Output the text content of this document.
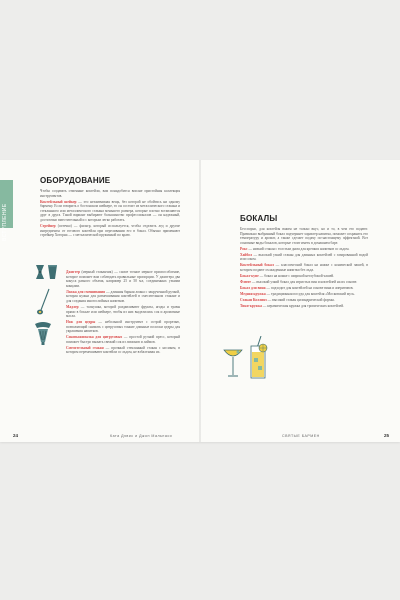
ВСТУПЛЕНИЕ
ОБОРУДОВАНИЕ

Чтобы создавать отменные коктейли, вам понадобится вполне пристойная коллекция инструментов.

Коктейльный шейкер — это незаменимая вещь, без которой не обойтись ни одному бармену. Если говорить о бостонском шейкере, то он состоит из металлического стакана и стеклянного или металлического стакана меньшего размера, которые плотно вставляются друг в друга. Такой вариант выбирают большинство профессионалов — он надежный, достаточно вместительный и с которым легко работать.

Стрейнер (ситечко) — фильтр, который используется, чтобы отделить лед и другие ингредиенты от готового коктейля при переливании его в бокал. Обычно применяют стрейнер Хоторна — с металлической пружинкой по краю.

Джиггер (мерный стаканчик) — самое точное мерное приспособление, которое поможет вам соблюдать правильные пропорции. У джиггера два конуса разного объема, например 25 и 50 мл, соединенных узкими концами.

Ложка для смешивания — длинная барная ложка с закрученной ручкой, которая нужна для размешивания коктейлей в смесительном стакане и для создания многослойных напитков.

Мадлер — толкушка, которой раздавливают фрукты, ягоды и травы прямо в бокале или шейкере, чтобы из них выделились сок и ароматные масла.

Нож для цедры — небольшой инструмент с острой прорезью, позволяющий снимать с цитрусовых тонкие длинные полоски цедры для украшения напитков.

Соковыжималка для цитрусовых — простой ручной пресс, который поможет быстро выжать свежий сок из лимонов и лаймов.

Смесительный стакан — прочный стеклянный стакан с носиком, в котором перемешивают коктейли со льдом, не взбалтывая их.

Ката Дэвис и Джон Мальпаси
24
БОКАЛЫ

Бесспорно, для коктейля важен не только вкус, но и то, в чем его подают. Правильно выбранный бокал подчеркнет характер напитка, поможет сохранить его температуру и аромат, а также сделает подачу по-настоящему эффектной. Вот основные виды бокалов, которые стоит иметь в домашнем баре.

Рокс — низкий стакан с толстым дном для крепких напитков со льдом.

Хайбол — высокий узкий стакан для длинных коктейлей с газированной водой или соком.

Коктейльный бокал — классический бокал на ножке с конической чашей, в котором подают охлажденные напитки без льда.

Бокал-купе — бокал на ножке с широкой неглубокой чашей.

Флюте — высокий узкий бокал для игристых вин и коктейлей на их основе.

Бокал для вина — подходит для коктейлей на основе вина и аперитивов.

Медная кружка — традиционная посуда для коктейля «Московский мул».

Стакан Коллинз — высокий стакан цилиндрической формы.

Тики-кружка — керамическая кружка для тропических коктейлей.

СВЯТЫЕ БАРМЕН	25
